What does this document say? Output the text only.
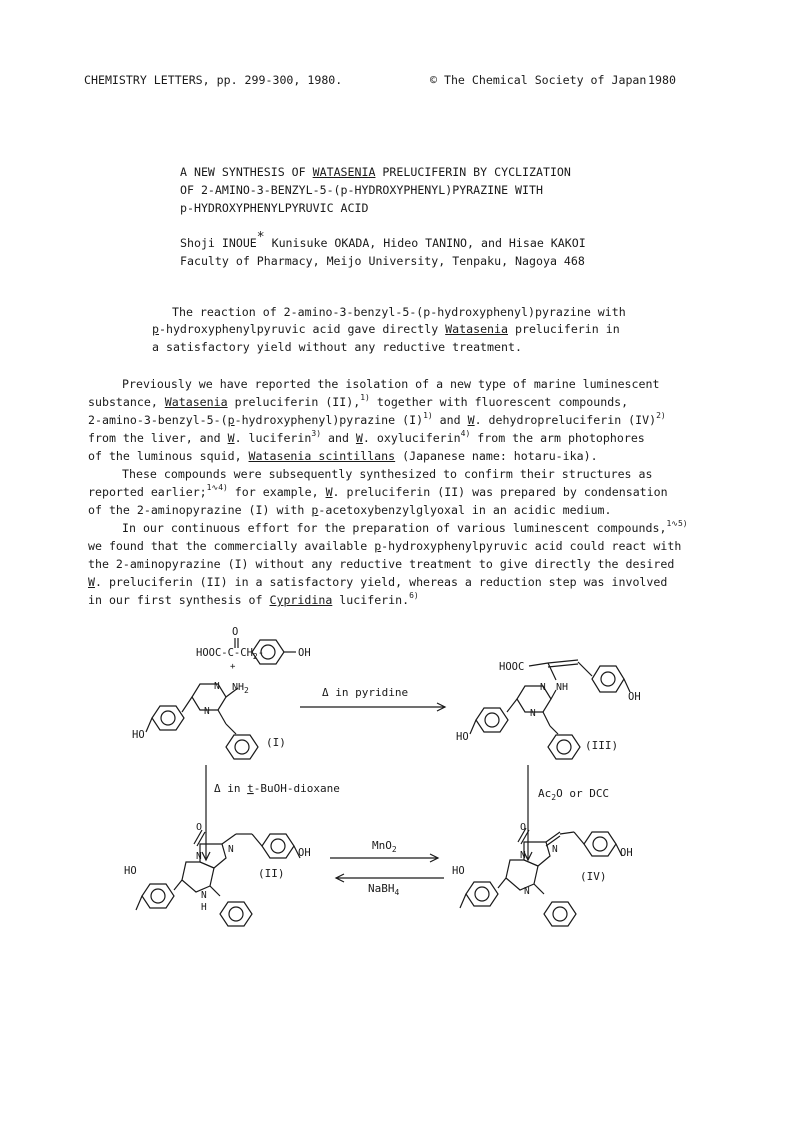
CHEMISTRY LETTERS, pp. 299-300, 1980.	© The Chemical Society of Japan 1980
A NEW SYNTHESIS OF WATASENIA PRELUCIFERIN BY CYCLIZATION
OF 2-AMINO-3-BENZYL-5-(p-HYDROXYPHENYL)PYRAZINE WITH
p-HYDROXYPHENYLPYRUVIC ACID
Shoji INOUE* Kunisuke OKADA, Hideo TANINO, and Hisae KAKOI
Faculty of Pharmacy, Meijo University, Tenpaku, Nagoya 468
The reaction of 2-amino-3-benzyl-5-(p-hydroxyphenyl)pyrazine with
p-hydroxyphenylpyruvic acid gave directly Watasenia preluciferin in
a satisfactory yield without any reductive treatment.
Previously we have reported the isolation of a new type of marine luminescent
substance, Watasenia preluciferin (II),$^{1)}$ together with fluorescent compounds,
2-amino-3-benzyl-5-(p-hydroxyphenyl)pyrazine $(I)^{1)}$ and W. dehydropreluciferin (IV)$^{2)}$
from the liver, and W. luciferin$^{3)}$ and W. oxyluciferin$^{4)}$ from the arm photophores
of the luminous squid, Watasenia scintillans (Japanese name: hotaru-ika).
These compounds were subsequently synthesized to confirm their structures as
reported earlier;$^{1∿4)}$ for example, W. preluciferin (II) was prepared by condensation
of the 2-aminopyrazine (I) with p-acetoxybenzylglyoxal in an acidic medium.
In our continuous effort for the preparation of various luminescent compounds,$^{1∿5)}$
we found that the commercially available p-hydroxyphenylpyruvic acid could react with
the 2-aminopyrazine (I) without any reductive treatment to give directly the desired
W. preluciferin (II) in a satisfactory yield, whereas a reduction step was involved
in our first synthesis of Cypridina luciferin.$^{6)}$
O
HOOC-$C-CH_2-$	OH
+
N
N
$NH_2$
HO
(I)
HOOC
N
N
NH
OH
HO
(III)
O
N
N
N
H
OH
HO	(II)
O
N
N
N
OH
HO	(IV)
Δ in pyridine
Δ in t-BuOH-dioxane	$Ac_2O$ or DCC
MnO$_2$
NaBH$_4$
